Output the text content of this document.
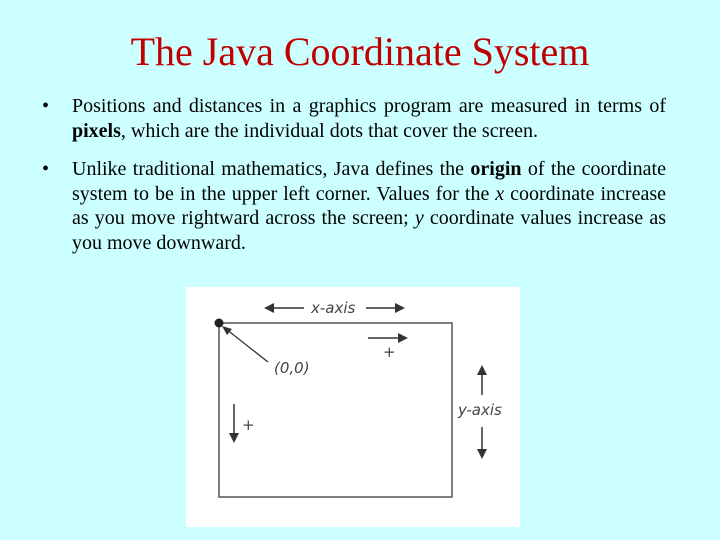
The Java Coordinate System
• Positions and distances in a graphics program are measured in terms of pixels, which are the individual dots that cover the screen.
• Unlike traditional mathematics, Java defines the origin of the coordinate system to be in the upper left corner. Values for the x coordinate increase as you move rightward across the screen; y coordinate values increase as you move downward.
x-axis
(0,0)
+
+
y-axis
